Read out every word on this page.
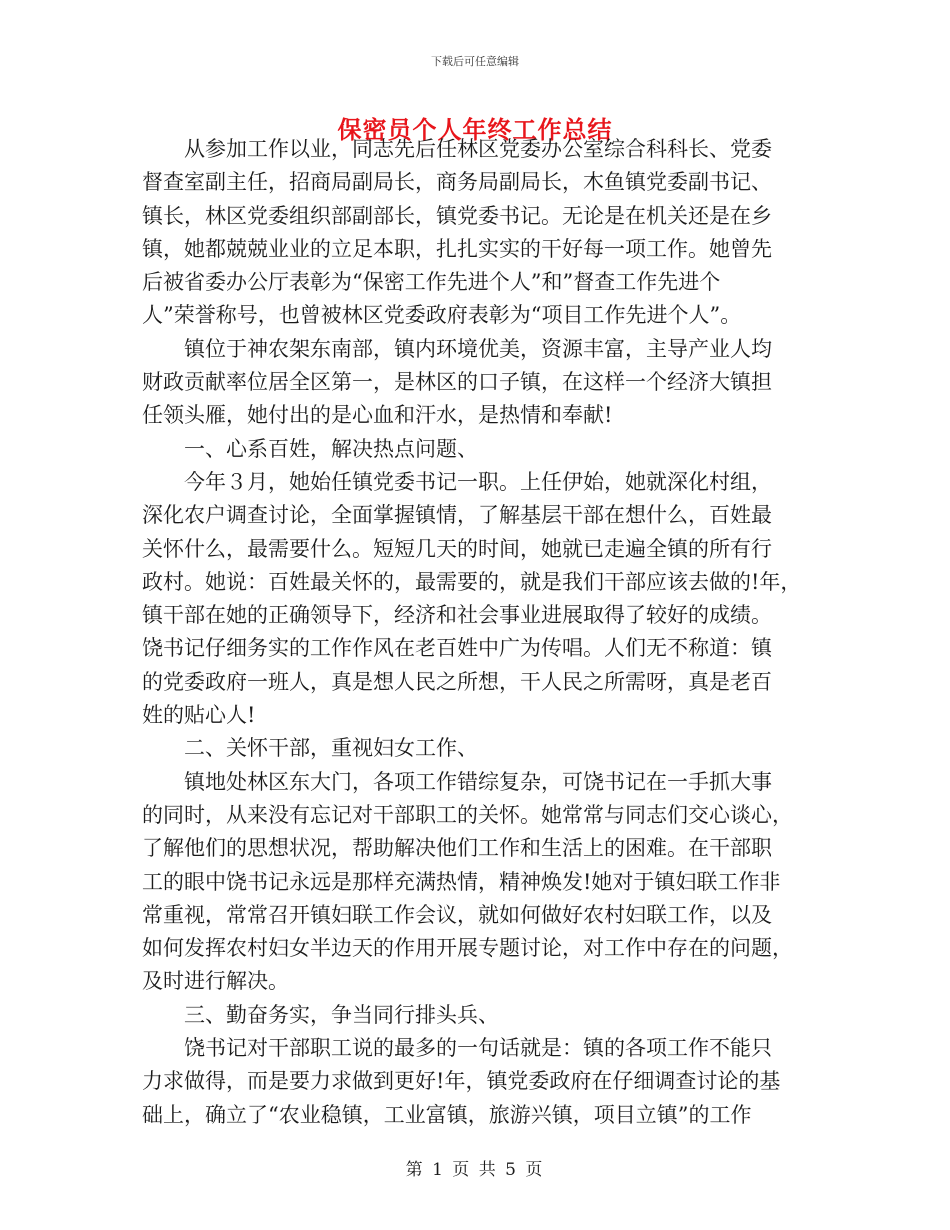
下载后可任意编辑
保密员个人年终工作总结
从参加工作以业，同志先后任林区党委办公室综合科科长、党委
督查室副主任，招商局副局长，商务局副局长，木鱼镇党委副书记、
镇长，林区党委组织部副部长，镇党委书记。无论是在机关还是在乡
镇，她都兢兢业业的立足本职，扎扎实实的干好每一项工作。她曾先
后被省委办公厅表彰为“保密工作先进个人”和”督查工作先进个
人”荣誉称号，也曾被林区党委政府表彰为“项目工作先进个人”。
镇位于神农架东南部，镇内环境优美，资源丰富，主导产业人均
财政贡献率位居全区第一，是林区的口子镇，在这样一个经济大镇担
任领头雁，她付出的是心血和汗水，是热情和奉献!
一、心系百姓，解决热点问题、
今年３月，她始任镇党委书记一职。上任伊始，她就深化村组，
深化农户调查讨论，全面掌握镇情，了解基层干部在想什么，百姓最
关怀什么，最需要什么。短短几天的时间，她就已走遍全镇的所有行
政村。她说：百姓最关怀的，最需要的，就是我们干部应该去做的!年，
镇干部在她的正确领导下，经济和社会事业进展取得了较好的成绩。
饶书记仔细务实的工作作风在老百姓中广为传唱。人们无不称道：镇
的党委政府一班人，真是想人民之所想，干人民之所需呀，真是老百
姓的贴心人!
二、关怀干部，重视妇女工作、
镇地处林区东大门，各项工作错综复杂，可饶书记在一手抓大事
的同时，从来没有忘记对干部职工的关怀。她常常与同志们交心谈心，
了解他们的思想状况，帮助解决他们工作和生活上的困难。在干部职
工的眼中饶书记永远是那样充满热情，精神焕发!她对于镇妇联工作非
常重视，常常召开镇妇联工作会议，就如何做好农村妇联工作，以及
如何发挥农村妇女半边天的作用开展专题讨论，对工作中存在的问题，
及时进行解决。
三、勤奋务实，争当同行排头兵、
饶书记对干部职工说的最多的一句话就是：镇的各项工作不能只
力求做得，而是要力求做到更好!年，镇党委政府在仔细调查讨论的基
础上，确立了“农业稳镇，工业富镇，旅游兴镇，项目立镇”的工作
第 1 页 共 5 页
